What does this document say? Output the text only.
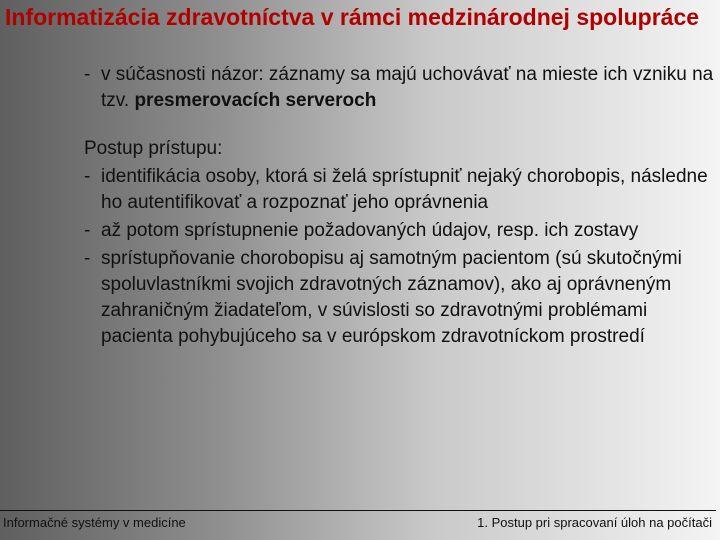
Informatizácia zdravotníctva v rámci medzinárodnej spolupráce
- v súčasnosti názor: záznamy sa majú uchovávať na mieste ich vzniku na tzv. presmerovacích serveroch
Postup prístupu:
- identifikácia osoby, ktorá si želá sprístupniť nejaký chorobopis, následne ho autentifikovať a rozpoznať jeho oprávnenia
- až potom sprístupnenie požadovaných údajov, resp. ich zostavy
- sprístupňovanie chorobopisu aj samotným pacientom (sú skutočnými spoluvlastníkmi svojich zdravotných záznamov), ako aj oprávneným zahraničným žiadateľom, v súvislosti so zdravotnými problémami pacienta pohybujúceho sa v európskom zdravotníckom prostredí
Informačné systémy v medicíne	1. Postup pri spracovaní úloh na počítači
